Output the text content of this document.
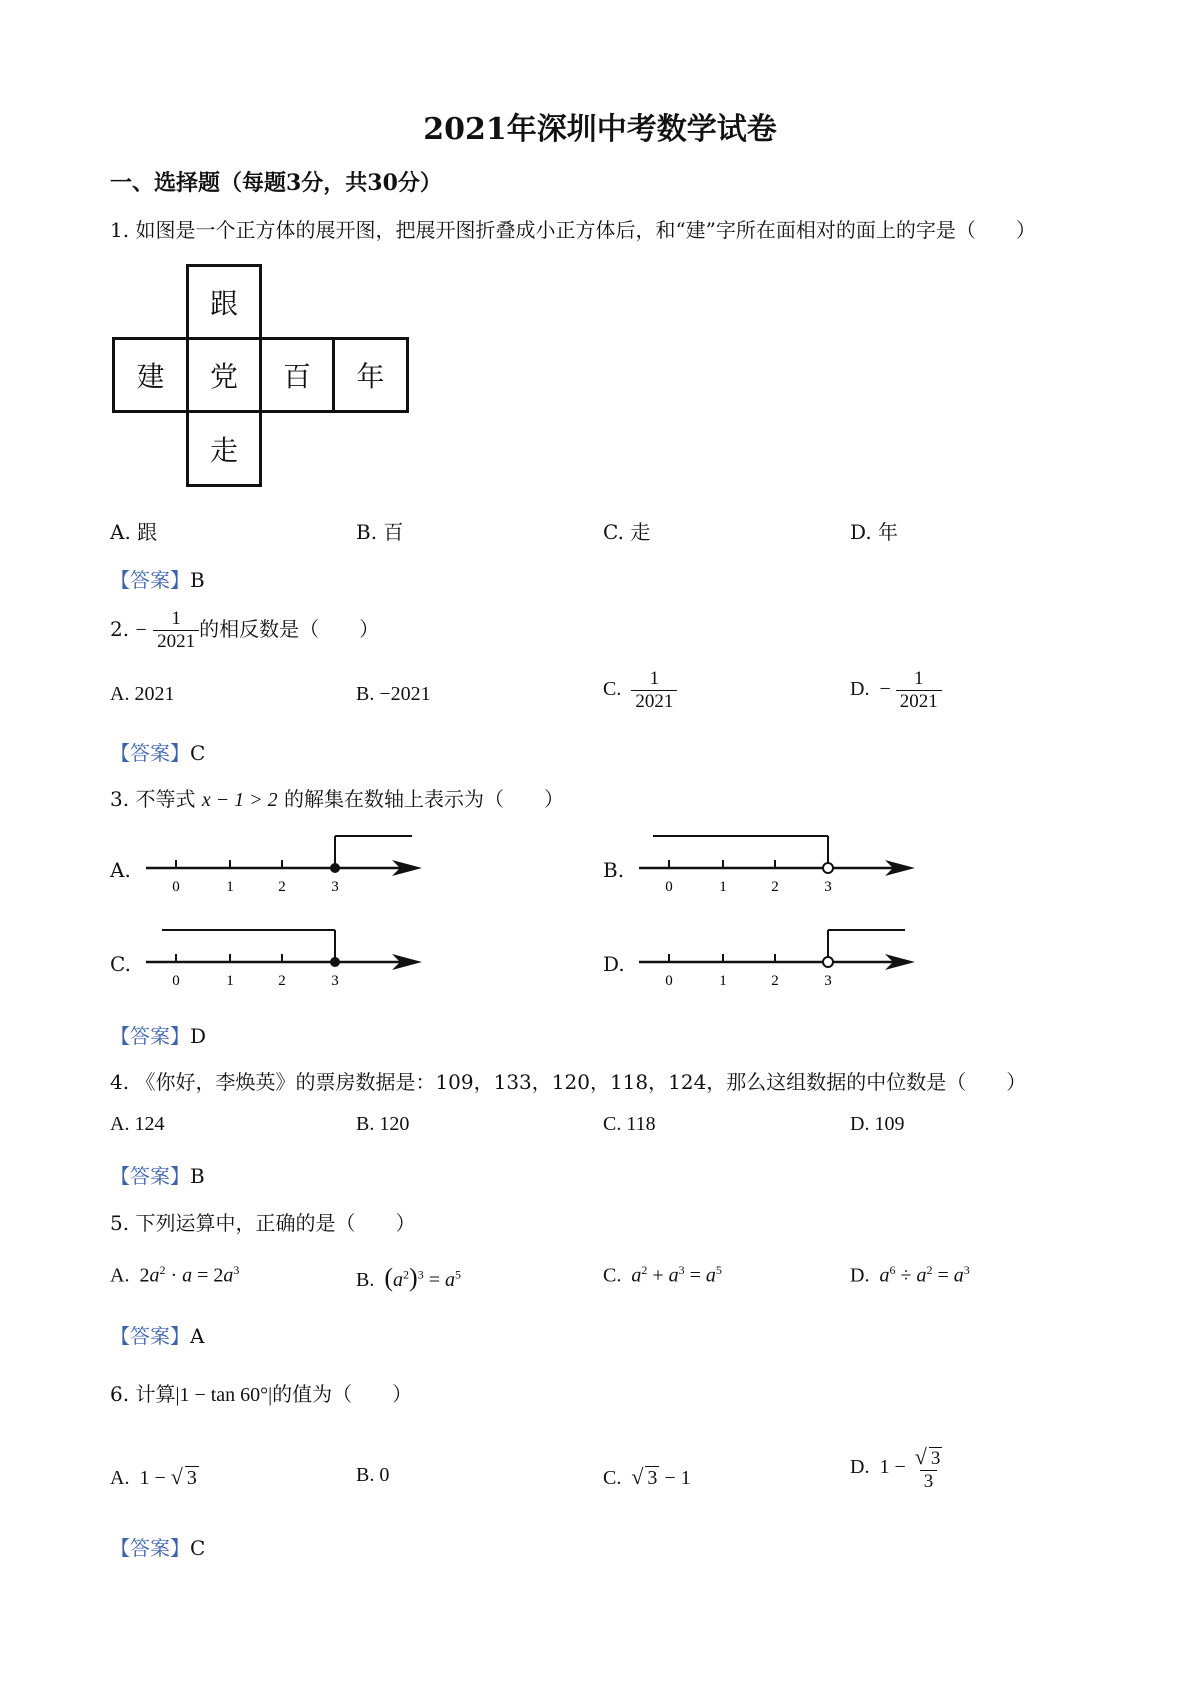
2021年深圳中考数学试卷
一、选择题（每题3分，共30分）
1. 如图是一个正方体的展开图，把展开图折叠成小正方体后，和“建”字所在面相对的面上的字是（　　）
跟
建	党	百	年
走
A. 跟	B. 百	C. 走	D. 年
【答案】B
2. − $\frac{1}{2021}$ 的相反数是（　　）
A. 2021	B. −2021	C. $\frac{1}{2021}$	D. − $\frac{1}{2021}$
【答案】C
3. 不等式 x − 1 > 2 的解集在数轴上表示为（　　）
A.	B.
C.	D.
0	1	2	3	0	1	2	3
0	1	2	3	0	1	2	3
【答案】D
4. 《你好，李焕英》的票房数据是：109，133，120，118，124，那么这组数据的中位数是（　　）
A. 124	B. 120	C. 118	D. 109
【答案】B
5. 下列运算中，正确的是（　　）
A.  $2a^2 \cdot a = 2a^3$	B. $(a^2)^3 = a^5$	C. $a^2 + a^3 = a^5$	D. $a^6 \div a^2 = a^3$
【答案】A
6. 计算|1 − tan 60°|的值为（　　）
A.  1 − √ 3	B. 0	C. √ 3 − 1
D.  $1 - \frac{√ 3}{3}$
【答案】C
